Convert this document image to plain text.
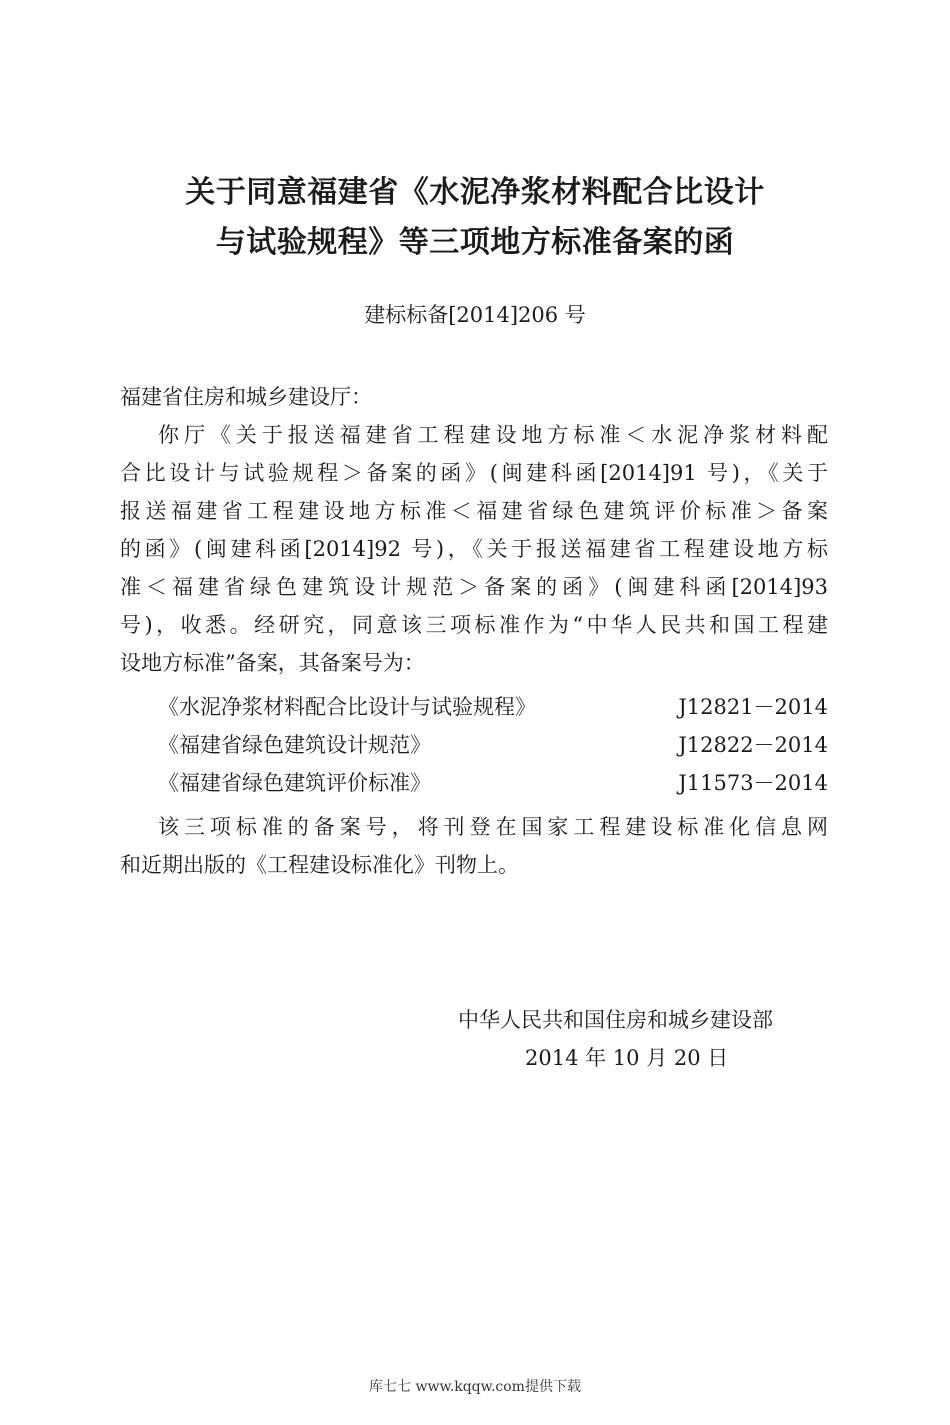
关于同意福建省《水泥净浆材料配合比设计
与试验规程》等三项地方标准备案的函
建标标备[2014]206 号
福建省住房和城乡建设厅：
你厅《关于报送福建省工程建设地方标准＜水泥净浆材料配
合比设计与试验规程＞备案的函》(闽建科函[2014]91 号)，《关于
报送福建省工程建设地方标准＜福建省绿色建筑评价标准＞备案
的函》(闽建科函[2014]92 号)，《关于报送福建省工程建设地方标
准＜福建省绿色建筑设计规范＞备案的函》(闽建科函[2014]93
号)，收悉。经研究，同意该三项标准作为“中华人民共和国工程建
设地方标准”备案，其备案号为：
《水泥净浆材料配合比设计与试验规程》	J12821－2014
《福建省绿色建筑设计规范》	J12822－2014
《福建省绿色建筑评价标准》	J11573－2014
该三项标准的备案号，将刊登在国家工程建设标准化信息网
和近期出版的《工程建设标准化》刊物上。
中华人民共和国住房和城乡建设部
2014 年 10 月 20 日
库七七 www.kqqw.com提供下载
